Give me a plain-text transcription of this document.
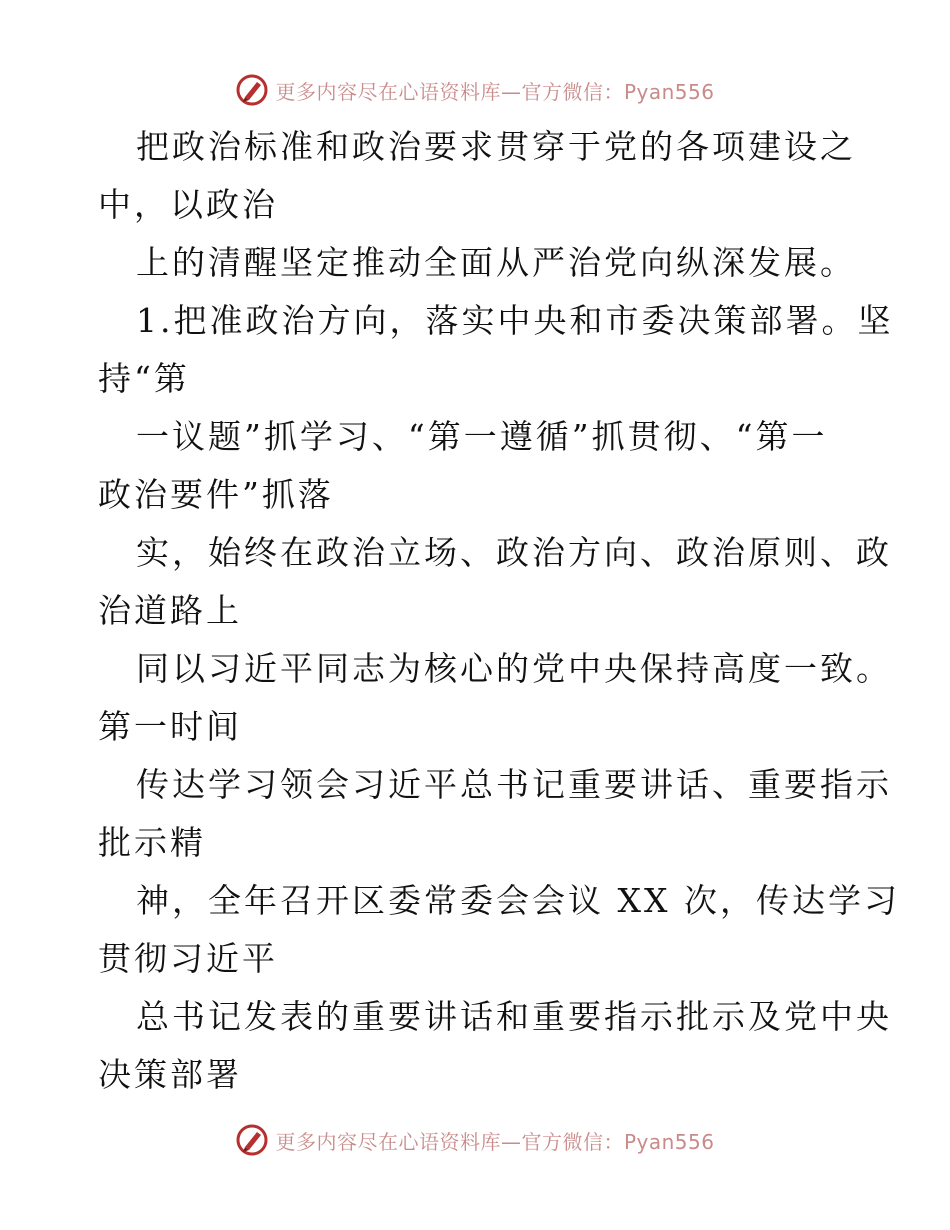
更多内容尽在心语资料库—官方微信：Pyan556
把政治标准和政治要求贯穿于党的各项建设之
中，以政治
上的清醒坚定推动全面从严治党向纵深发展。
1.把准政治方向，落实中央和市委决策部署。坚
持“第
一议题”抓学习、“第一遵循”抓贯彻、“第一
政治要件”抓落
实，始终在政治立场、政治方向、政治原则、政
治道路上
同以习近平同志为核心的党中央保持高度一致。
第一时间
传达学习领会习近平总书记重要讲话、重要指示
批示精
神，全年召开区委常委会会议 XX 次，传达学习
贯彻习近平
总书记发表的重要讲话和重要指示批示及党中央
决策部署
更多内容尽在心语资料库—官方微信：Pyan556
